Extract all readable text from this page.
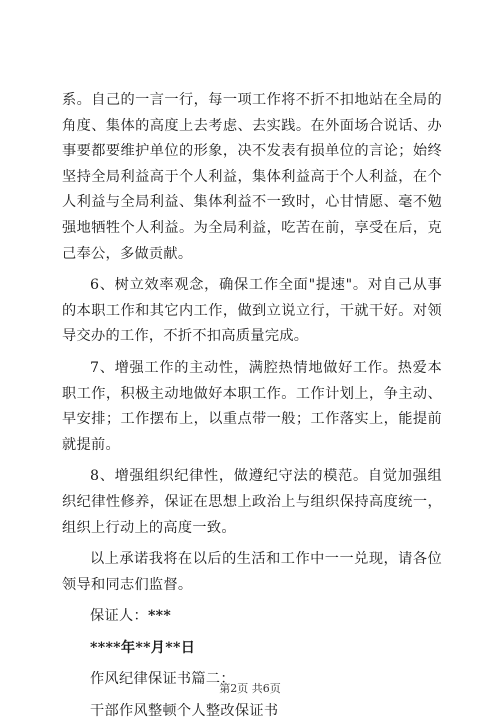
系。自己的一言一行，每一项工作将不折不扣地站在全局的角度、集体的高度上去考虑、去实践。在外面场合说话、办事要都要维护单位的形象，决不发表有损单位的言论；始终坚持全局利益高于个人利益，集体利益高于个人利益，在个人利益与全局利益、集体利益不一致时，心甘情愿、毫不勉强地牺牲个人利益。为全局利益，吃苦在前，享受在后，克己奉公，多做贡献。

6、树立效率观念，确保工作全面"提速"。对自己从事的本职工作和其它内工作，做到立说立行，干就干好。对领导交办的工作，不折不扣高质量完成。

7、增强工作的主动性，满腔热情地做好工作。热爱本职工作，积极主动地做好本职工作。工作计划上，争主动、早安排；工作摆布上，以重点带一般；工作落实上，能提前就提前。

8、增强组织纪律性，做遵纪守法的模范。自觉加强组织纪律性修养，保证在思想上政治上与组织保持高度统一，组织上行动上的高度一致。

以上承诺我将在以后的生活和工作中一一兑现，请各位领导和同志们监督。

保证人：***

****年**月**日

作风纪律保证书篇二：

干部作风整顿个人整改保证书

第2页 共6页
